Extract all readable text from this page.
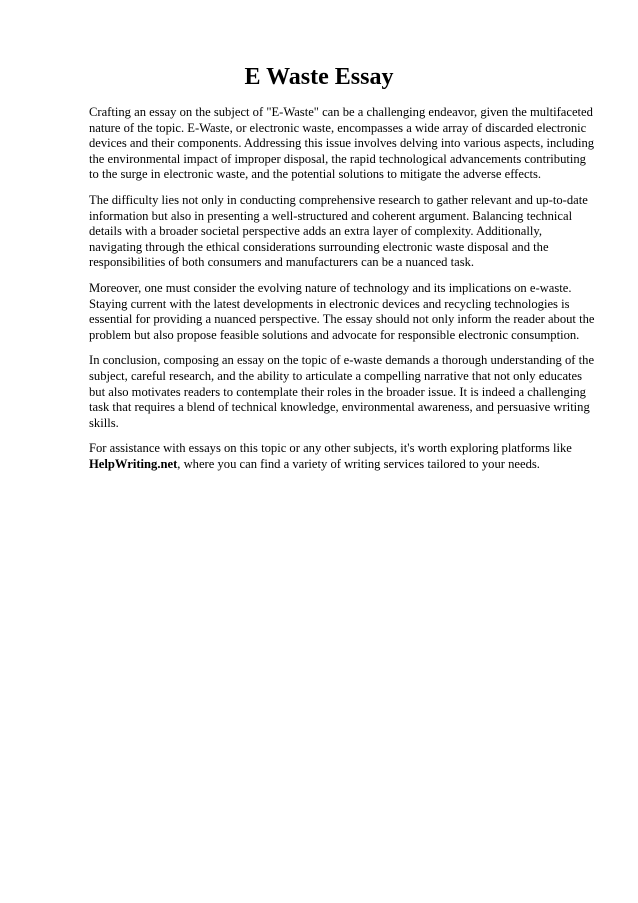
E Waste Essay

Crafting an essay on the subject of "E-Waste" can be a challenging endeavor, given the multifaceted nature of the topic. E-Waste, or electronic waste, encompasses a wide array of discarded electronic devices and their components. Addressing this issue involves delving into various aspects, including the environmental impact of improper disposal, the rapid technological advancements contributing to the surge in electronic waste, and the potential solutions to mitigate the adverse effects.

The difficulty lies not only in conducting comprehensive research to gather relevant and up-to-date information but also in presenting a well-structured and coherent argument. Balancing technical details with a broader societal perspective adds an extra layer of complexity. Additionally, navigating through the ethical considerations surrounding electronic waste disposal and the responsibilities of both consumers and manufacturers can be a nuanced task.

Moreover, one must consider the evolving nature of technology and its implications on e-waste. Staying current with the latest developments in electronic devices and recycling technologies is essential for providing a nuanced perspective. The essay should not only inform the reader about the problem but also propose feasible solutions and advocate for responsible electronic consumption.

In conclusion, composing an essay on the topic of e-waste demands a thorough understanding of the subject, careful research, and the ability to articulate a compelling narrative that not only educates but also motivates readers to contemplate their roles in the broader issue. It is indeed a challenging task that requires a blend of technical knowledge, environmental awareness, and persuasive writing skills.

For assistance with essays on this topic or any other subjects, it's worth exploring platforms like HelpWriting.net, where you can find a variety of writing services tailored to your needs.
